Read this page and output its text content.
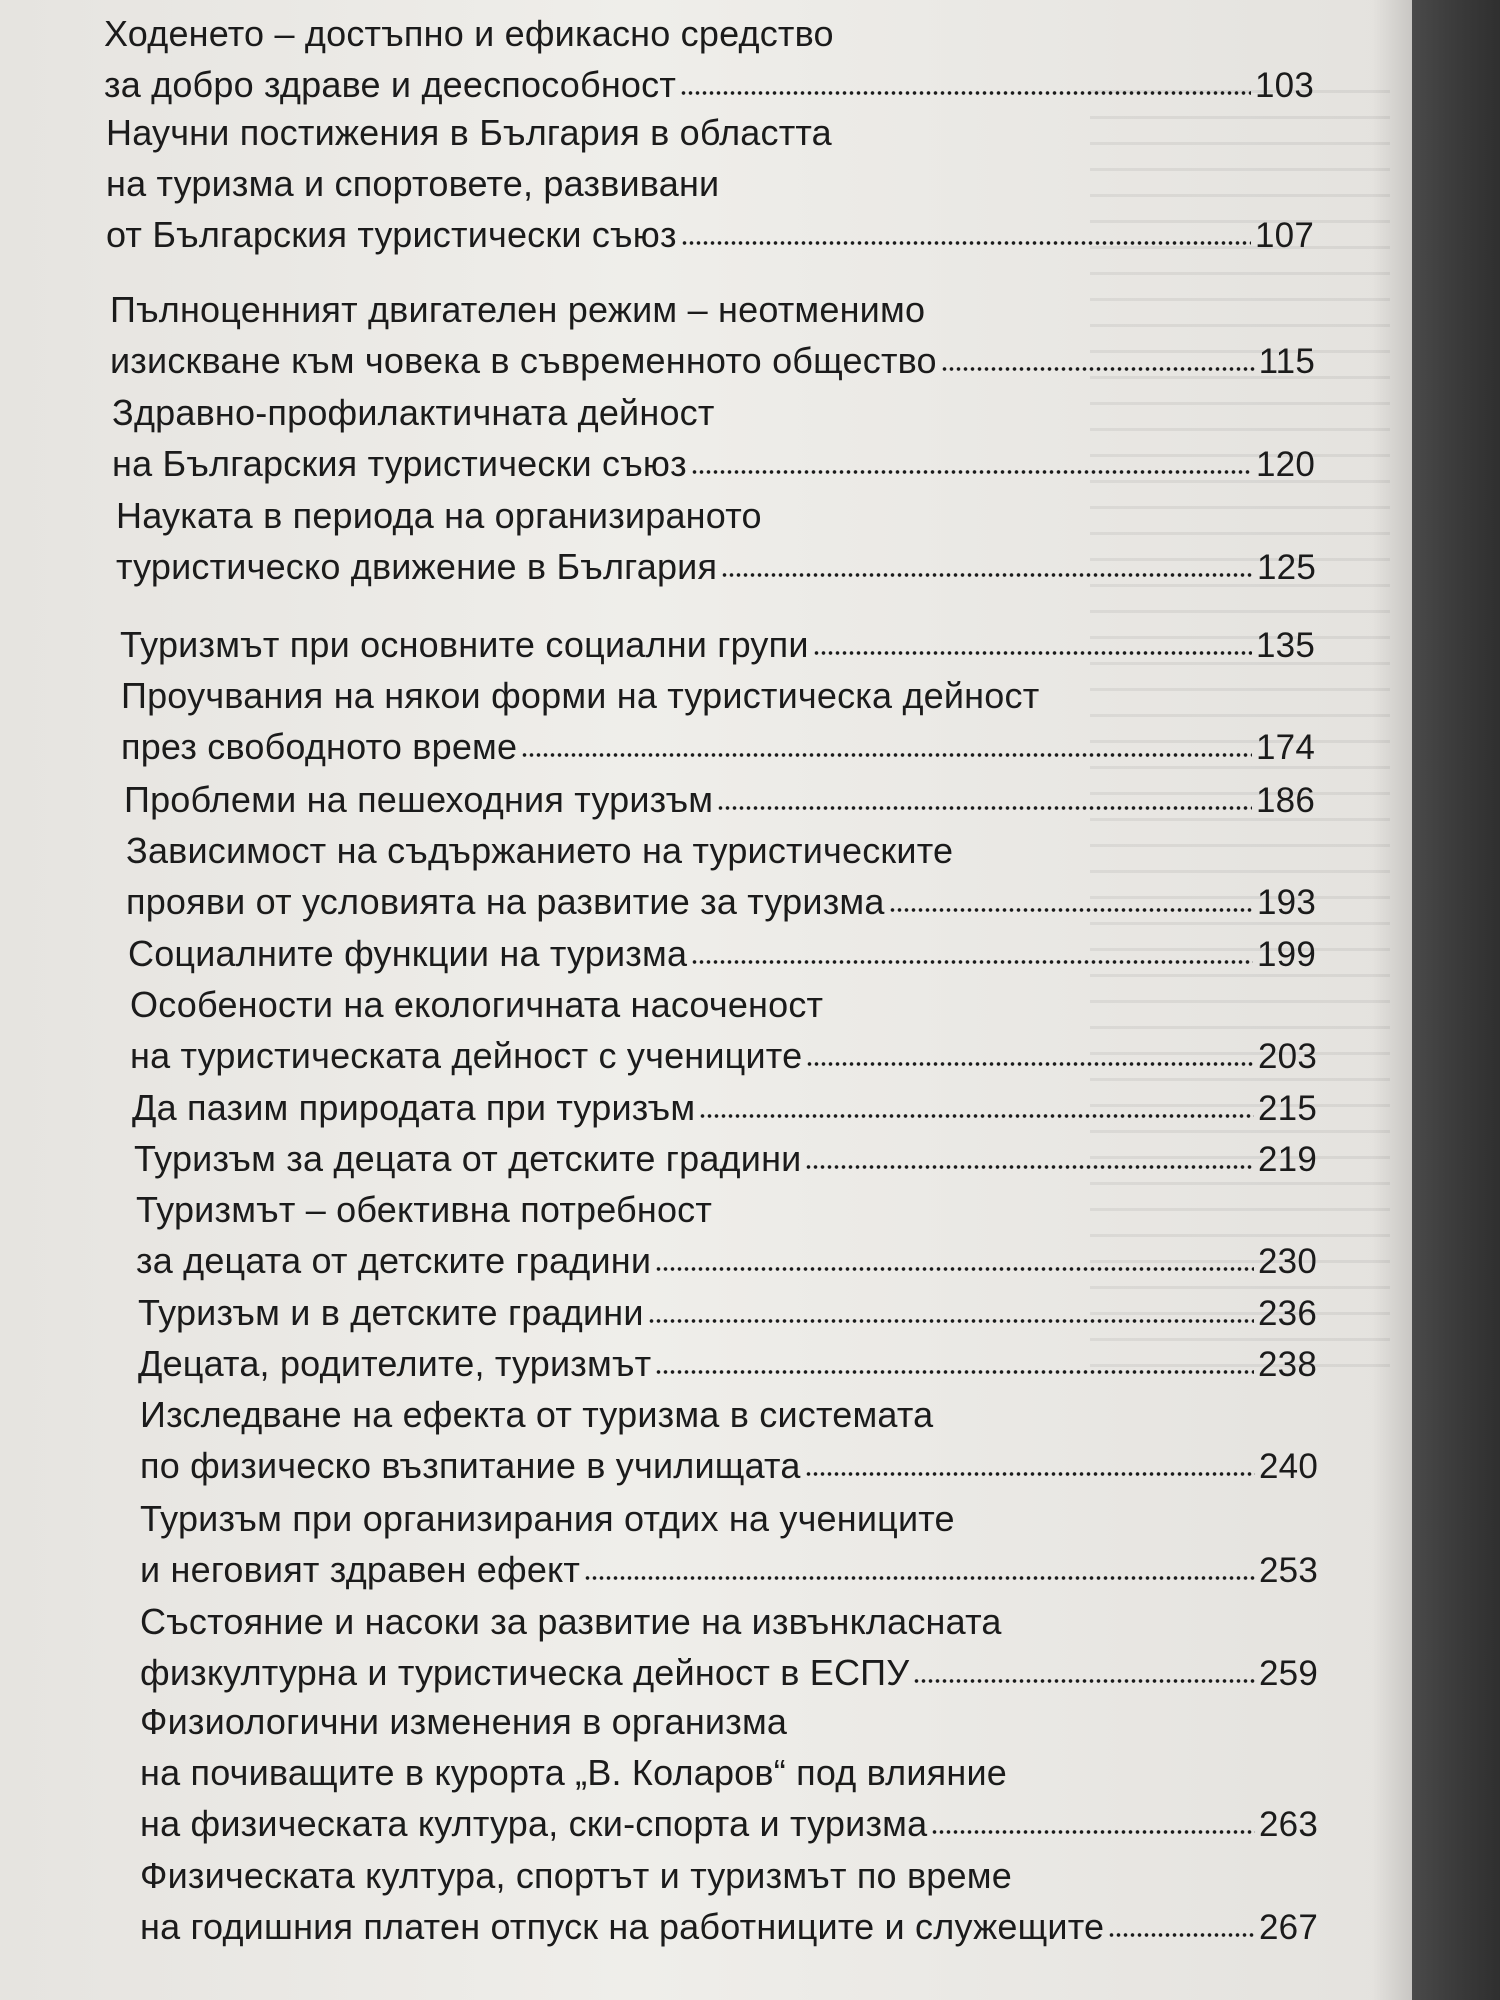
Ходенето – достъпно и ефикасно средство
за добро здраве и дееспособност	103
Научни постижения в България в областта
на туризма и спортовете, развивани
от Българския туристически съюз	107
Пълноценният двигателен режим – неотменимо
изискване към човека в съвременното общество	115
Здравно-профилактичната дейност
на Българския туристически съюз	120
Науката в периода на организираното
туристическо движение в България	125
Туризмът при основните социални групи	135
Проучвания на някои форми на туристическа дейност
през свободното време	174
Проблеми на пешеходния туризъм	186
Зависимост на съдържанието на туристическите
прояви от условията на развитие за туризма	193
Социалните функции на туризма	199
Особености на екологичната насоченост
на туристическата дейност с учениците	203
Да пазим природата при туризъм	215
Туризъм за децата от детските градини	219
Туризмът – обективна потребност
за децата от детските градини	230
Туризъм и в детските градини	236
Децата, родителите, туризмът	238
Изследване на ефекта от туризма в системата
по физическо възпитание в училищата	240
Туризъм при организирания отдих на учениците
и неговият здравен ефект	253
Състояние и насоки за развитие на извънкласната
физкултурна и туристическа дейност в ЕСПУ	259
Физиологични изменения в организма
на почиващите в курорта „В. Коларов“ под влияние
на физическата култура, ски-спорта и туризма	263
Физическата култура, спортът и туризмът по време
на годишния платен отпуск на работниците и служещите	267
